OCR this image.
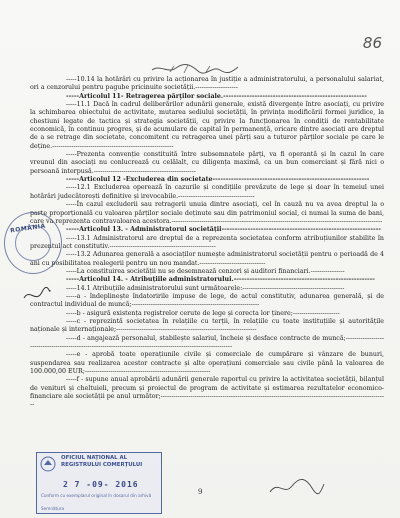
86

-----10.14 la hotărâri cu privire la acționarea în justiție a administratorului, a personalului salariat, ori a cenzorului pentru pagube pricinuite societății.--------------------

-----Articolul 11- Retragerea părţilor sociale.-------------------------------------------------------

-----11.1 Dacă în cadrul deliberărilor adunării generale, există divergențe între asociați, cu privire la schimbarea obiectului de activitate, mutarea sediului societății, în privința modificării formei juridice, la chestiuni legate de tactica și strategia societății, cu privire la funcționarea în condiții de rentabilitate economică, în continuu progres, și de acumulare de capital în permanență, oricare dintre asociați are dreptul de a se retrage din societate, concomitent cu retragerea unei părți sau a tuturor părților sociale pe care le deține.---------------------------------------------------------

-----Prezenta convenție constituită între subsemnatele părți, va fi operantă și în cazul în care vreunul din asociați nu conlucrează cu celălalt, cu diligența maximă, ca un bun comerciant și fără nici o persoană interpusă.------------------------------------------------

-----Articolul 12 -Excluderea din societate------------------------------------------------------------

-----12.1 Excluderea operează în cazurile și condițiile prevăzute de lege și doar în temeiul unei hotărâri judecătorești definitive și irevocabile.------------------------------------

-----În cazul excluderii sau retragerii unuia dintre asociați, cel în cauză nu va avea dreptul la o parte proporțională cu valoarea părților sociale deținute sau din patrimoniul social, ci numai la suma de bani, care va reprezenta contravaloarea acestora.---------------------------------------------------------------------------------------------------

-----Articolul 13. - Administratorul societății-------------------------------------------------------------

-----13.1 Administratorul are dreptul de a reprezenta societatea conform atribuțiunilor stabilite în prezentul act constitutiv.--------------------------------------------------

-----13.2 Adunarea generală a asociaților numește administratorul societății pentru o perioadă de 4 ani cu posibilitatea realegerii pentru un nou mandat.-------------------------------

-----La constituirea societății nu se desemnează cenzori și auditori financiari.----------------

-----Articolul 14. - Atribuțiile administratorului.------------------------------------------------------

-----14.1 Atribuțiile administratorului sunt următoarele:------------------------------------------------

-----a - îndeplinește îndatoririle impuse de lege, de actul constitutiv, adunarea generală, și de contractul individual de muncă;------------------------------------------------------------

-----b - asigură existența registrelor cerute de lege și corecta lor ținere;----------------------

-----c - reprezintă societatea în relațiile cu terții, în relațiile cu toate instituțiile și autoritățile naționale și internaționale;------------------------------------------------------------------

-----d - angajează personalul, stabilește salariul, încheie și desface contracte de muncă;-----------------------------------------------------------------------------------------------------------------

-----e - aprobă toate operațiunile civile și comerciale de cumpărare și vânzare de bunuri, suspendarea sau realizarea acestor contracte și alte operațiuni comerciale sau civile până la valoarea de 100.000,00 EUR;-----------------------------------------------------------

-----f - supune anual aprobării adunării generale raportul cu privire la activitatea societății, bilanțul de venituri și cheltuieli, precum și proiectul de program de activitate și estimarea rezultatelor economico-financiare ale societății pe anul următor;-----------------------------------------------------------------------------------------------------------

ROMÂNIA
OFICIUL NAȚIONAL AL
REGISTRULUI COMERȚULUI
2 7 -09- 2016
Conform cu exemplarul original în dosarul din arhivă
Semnătura
9
